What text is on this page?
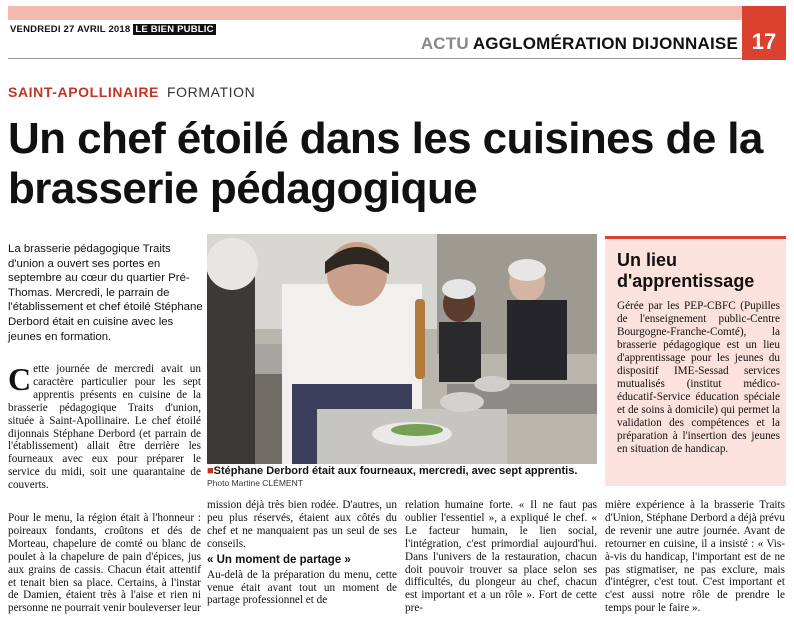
VENDREDI 27 AVRIL 2018 LE BIEN PUBLIC
ACTU AGGLOMÉRATION DIJONNAISE 17
SAINT-APOLLINAIRE FORMATION
Un chef étoilé dans les cuisines de la brasserie pédagogique

La brasserie pédagogique Traits d'union a ouvert ses portes en septembre au cœur du quartier Pré-Thomas. Mercredi, le parrain de l'établissement et chef étoilé Stéphane Derbord était en cuisine avec les jeunes en formation.

■Stéphane Derbord était aux fourneaux, mercredi, avec sept apprentis.
Photo Martine CLÉMENT

Cette journée de mercredi avait un caractère particulier pour les sept apprentis présents en cuisine de la brasserie pédagogique Traits d'union, située à Saint-Apollinaire. Le chef étoilé dijonnais Stéphane Derbord (et parrain de l'établissement) allait être derrière les fourneaux avec eux pour préparer le service du midi, soit une quarantaine de couverts.

Pour le menu, la région était à l'honneur : poireaux fondants, croûtons et dés de Morteau, chapelure de comté ou blanc de poulet à la chapelure de pain d'épices, jus aux grains de cassis. Chacun était attentif et tenait bien sa place. Certains, à l'instar de Damien, étaient très à l'aise et rien ni personne ne pourrait venir bouleverser leur

mission déjà très bien rodée. D'autres, un peu plus réservés, étaient aux côtés du chef et ne manquaient pas un seul de ses conseils.

« Un moment de partage »

Au-delà de la préparation du menu, cette venue était avant tout un moment de partage professionnel et de

relation humaine forte. « Il ne faut pas oublier l'essentiel », a expliqué le chef. « Le facteur humain, le lien social, l'intégration, c'est primordial aujourd'hui. Dans l'univers de la restauration, chacun doit pouvoir trouver sa place selon ses difficultés, du plongeur au chef, chacun est important et a un rôle ». Fort de cette pre-

mière expérience à la brasserie Traits d'Union, Stéphane Derbord a déjà prévu de revenir une autre journée. Avant de retourner en cuisine, il a insisté : « Vis-à-vis du handicap, l'important est de ne pas stigmatiser, ne pas exclure, mais d'intégrer, c'est tout. C'est important et c'est aussi notre rôle de prendre le temps pour le faire ».

Un lieu d'apprentissage

Gérée par les PEP-CBFC (Pupilles de l'enseignement public-Centre Bourgogne-Franche-Comté), la brasserie pédagogique est un lieu d'apprentissage pour les jeunes du dispositif IME-Sessad services mutualisés (institut médico-éducatif-Service éducation spéciale et de soins à domicile) qui permet la validation des compétences et la préparation à l'insertion des jeunes en situation de handicap.
